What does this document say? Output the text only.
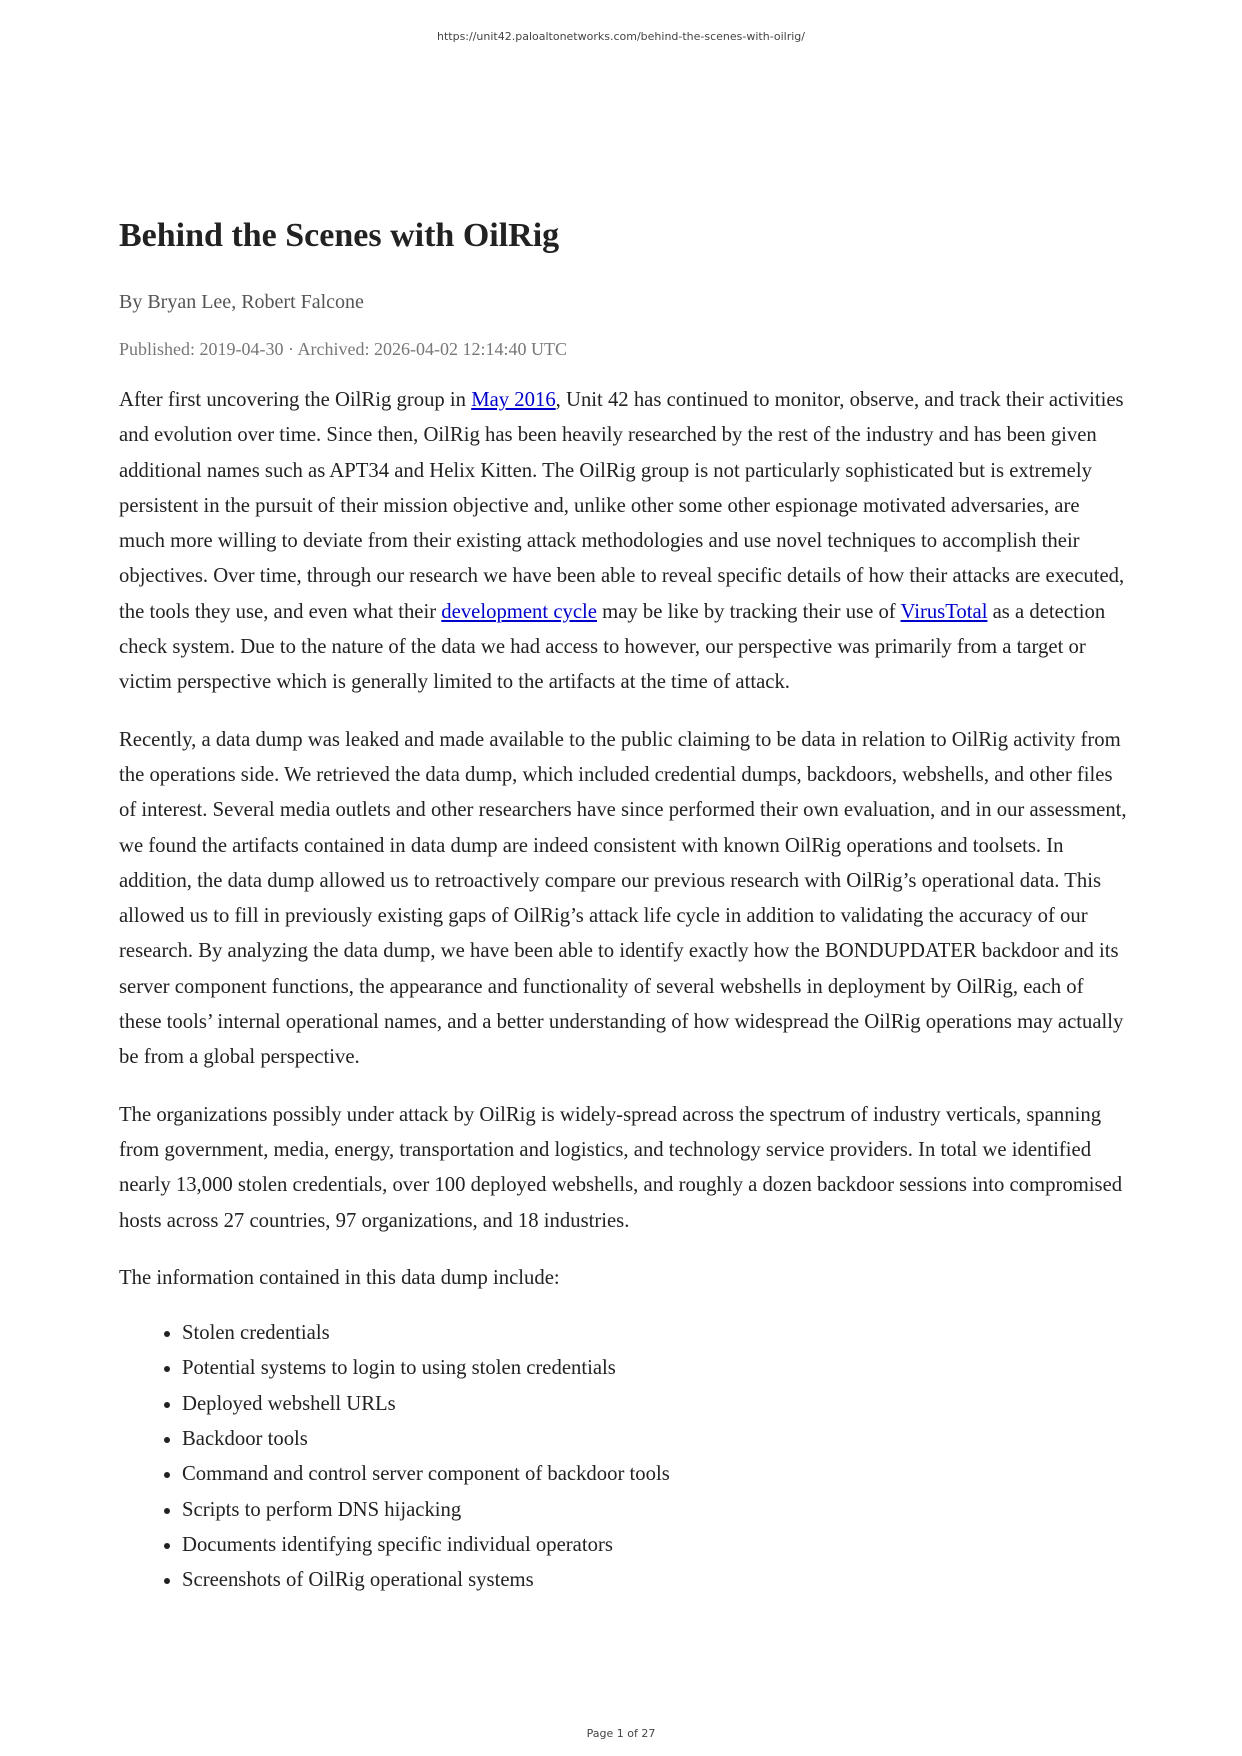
https://unit42.paloaltonetworks.com/behind-the-scenes-with-oilrig/
Behind the Scenes with OilRig
By Bryan Lee, Robert Falcone
Published: 2019-04-30 · Archived: 2026-04-02 12:14:40 UTC

After first uncovering the OilRig group in May 2016, Unit 42 has continued to monitor, observe, and track their activities and evolution over time. Since then, OilRig has been heavily researched by the rest of the industry and has been given additional names such as APT34 and Helix Kitten. The OilRig group is not particularly sophisticated but is extremely persistent in the pursuit of their mission objective and, unlike other some other espionage motivated adversaries, are much more willing to deviate from their existing attack methodologies and use novel techniques to accomplish their objectives. Over time, through our research we have been able to reveal specific details of how their attacks are executed, the tools they use, and even what their development cycle may be like by tracking their use of VirusTotal as a detection check system. Due to the nature of the data we had access to however, our perspective was primarily from a target or victim perspective which is generally limited to the artifacts at the time of attack.

Recently, a data dump was leaked and made available to the public claiming to be data in relation to OilRig activity from the operations side. We retrieved the data dump, which included credential dumps, backdoors, webshells, and other files of interest. Several media outlets and other researchers have since performed their own evaluation, and in our assessment, we found the artifacts contained in data dump are indeed consistent with known OilRig operations and toolsets. In addition, the data dump allowed us to retroactively compare our previous research with OilRig’s operational data. This allowed us to fill in previously existing gaps of OilRig’s attack life cycle in addition to validating the accuracy of our research. By analyzing the data dump, we have been able to identify exactly how the BONDUPDATER backdoor and its server component functions, the appearance and functionality of several webshells in deployment by OilRig, each of these tools’ internal operational names, and a better understanding of how widespread the OilRig operations may actually be from a global perspective.

The organizations possibly under attack by OilRig is widely-spread across the spectrum of industry verticals, spanning from government, media, energy, transportation and logistics, and technology service providers. In total we identified nearly 13,000 stolen credentials, over 100 deployed webshells, and roughly a dozen backdoor sessions into compromised hosts across 27 countries, 97 organizations, and 18 industries.

The information contained in this data dump include:

• Stolen credentials
• Potential systems to login to using stolen credentials
• Deployed webshell URLs
• Backdoor tools
• Command and control server component of backdoor tools
• Scripts to perform DNS hijacking
• Documents identifying specific individual operators
• Screenshots of OilRig operational systems
Page 1 of 27
